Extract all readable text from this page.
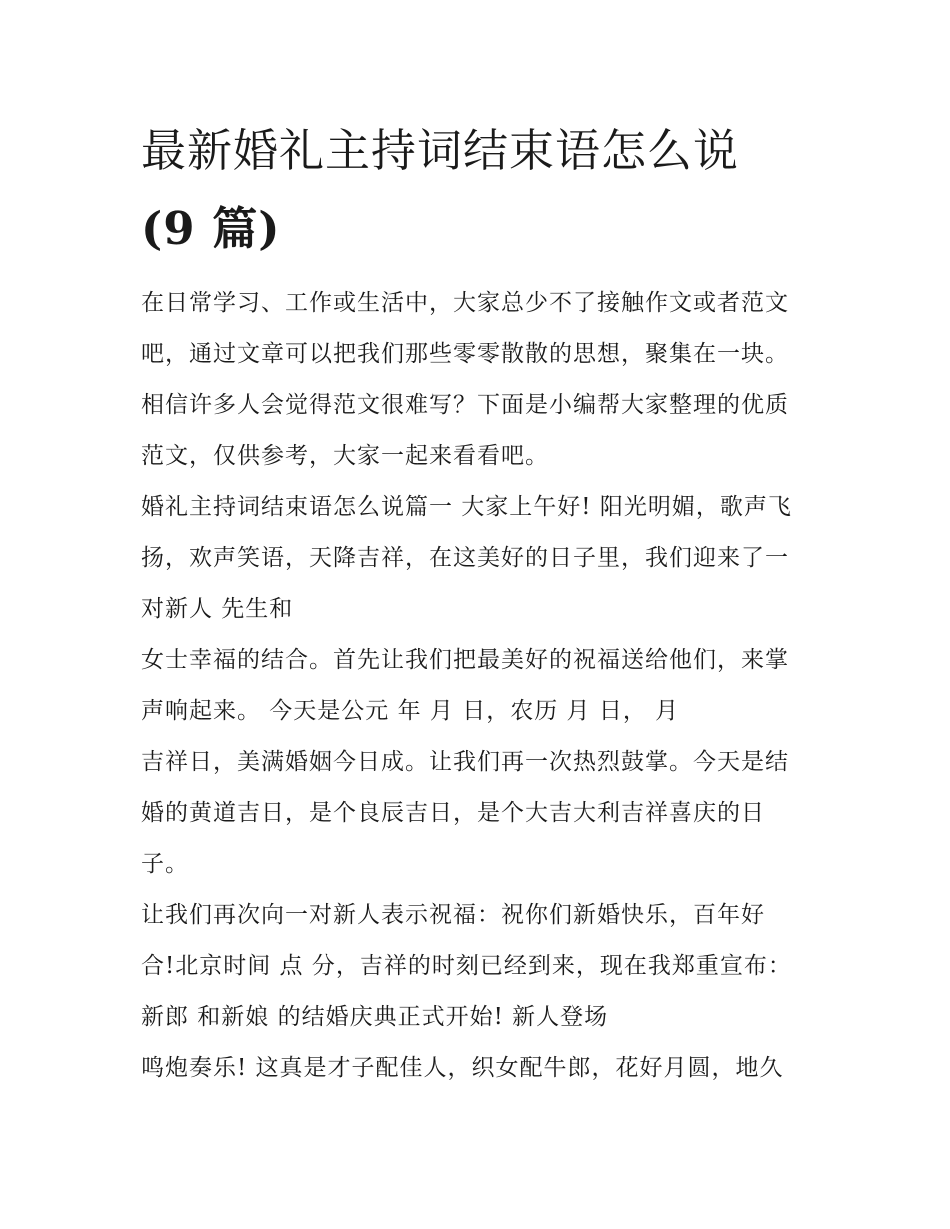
最新婚礼主持词结束语怎么说
(9 篇)

在日常学习、工作或生活中，大家总少不了接触作文或者范文

吧，通过文章可以把我们那些零零散散的思想，聚集在一块。

相信许多人会觉得范文很难写？下面是小编帮大家整理的优质

范文，仅供参考，大家一起来看看吧。

婚礼主持词结束语怎么说篇一 大家上午好! 阳光明媚，歌声飞

扬，欢声笑语，天降吉祥，在这美好的日子里，我们迎来了一

对新人 先生和

女士幸福的结合。首先让我们把最美好的祝福送给他们，来掌

声响起来。 今天是公元 年 月 日，农历 月 日， 月

吉祥日，美满婚姻今日成。让我们再一次热烈鼓掌。今天是结

婚的黄道吉日，是个良辰吉日，是个大吉大利吉祥喜庆的日

子。

让我们再次向一对新人表示祝福：祝你们新婚快乐，百年好

合!北京时间 点 分，吉祥的时刻已经到来，现在我郑重宣布：

新郎 和新娘 的结婚庆典正式开始! 新人登场

鸣炮奏乐! 这真是才子配佳人，织女配牛郎，花好月圆，地久
